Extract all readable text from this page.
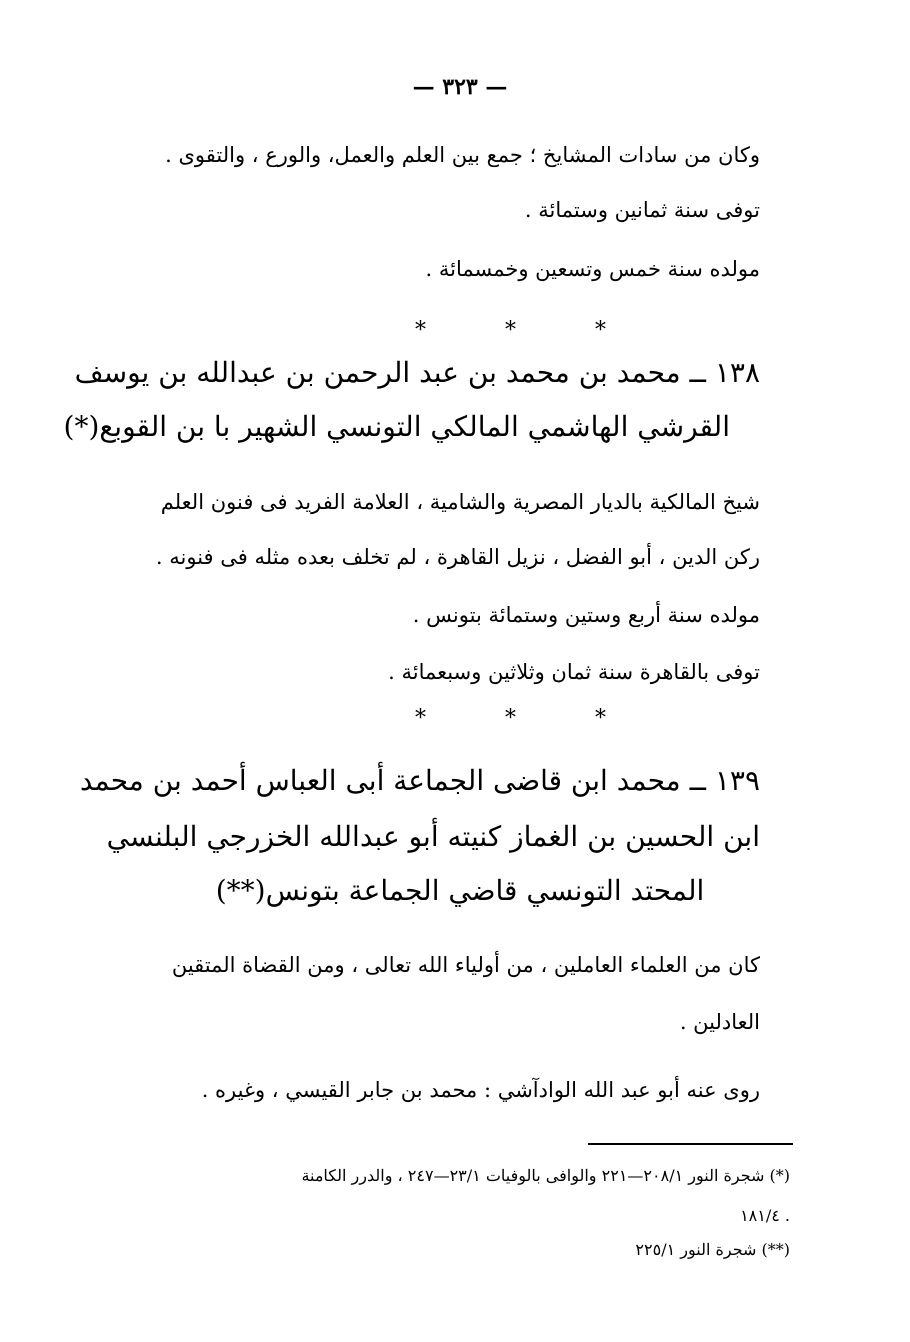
— ٣٢٣ —
وكان من سادات المشايخ ؛ جمع بين العلم والعمل، والورع ، والتقوى .
توفى سنة ثمانين وستمائة .
مولده سنة خمس وتسعين وخمسمائة .
* * *
١٣٨ ــ محمد بن محمد بن عبد الرحمن بن عبدالله بن يوسف
القرشي الهاشمي المالكي التونسي الشهير با بن القوبع(*)
شيخ المالكية بالديار المصرية والشامية ، العلامة الفريد فى فنون العلم
ركن الدين ، أبو الفضل ، نزيل القاهرة ، لم تخلف بعده مثله فى فنونه .
مولده سنة أربع وستين وستمائة بتونس .
توفى بالقاهرة سنة ثمان وثلاثين وسبعمائة .
* * *
١٣٩ ــ محمد ابن قاضى الجماعة أبى العباس أحمد بن محمد
ابن الحسين بن الغماز كنيته أبو عبدالله الخزرجي البلنسي
المحتد التونسي قاضي الجماعة بتونس(**)
كان من العلماء العاملين ، من أولياء الله تعالى ، ومن القضاة المتقين
العادلين .
روى عنه أبو عبد الله الوادآشي : محمد بن جابر القيسي ، وغيره .
(*) شجرة النور ٢٠٨/١—٢٢١ والوافى بالوفيات ٢٣/١—٢٤٧ ، والدرر الكامنة
١٨١/٤ .
(**) شجرة النور ٢٢٥/١
